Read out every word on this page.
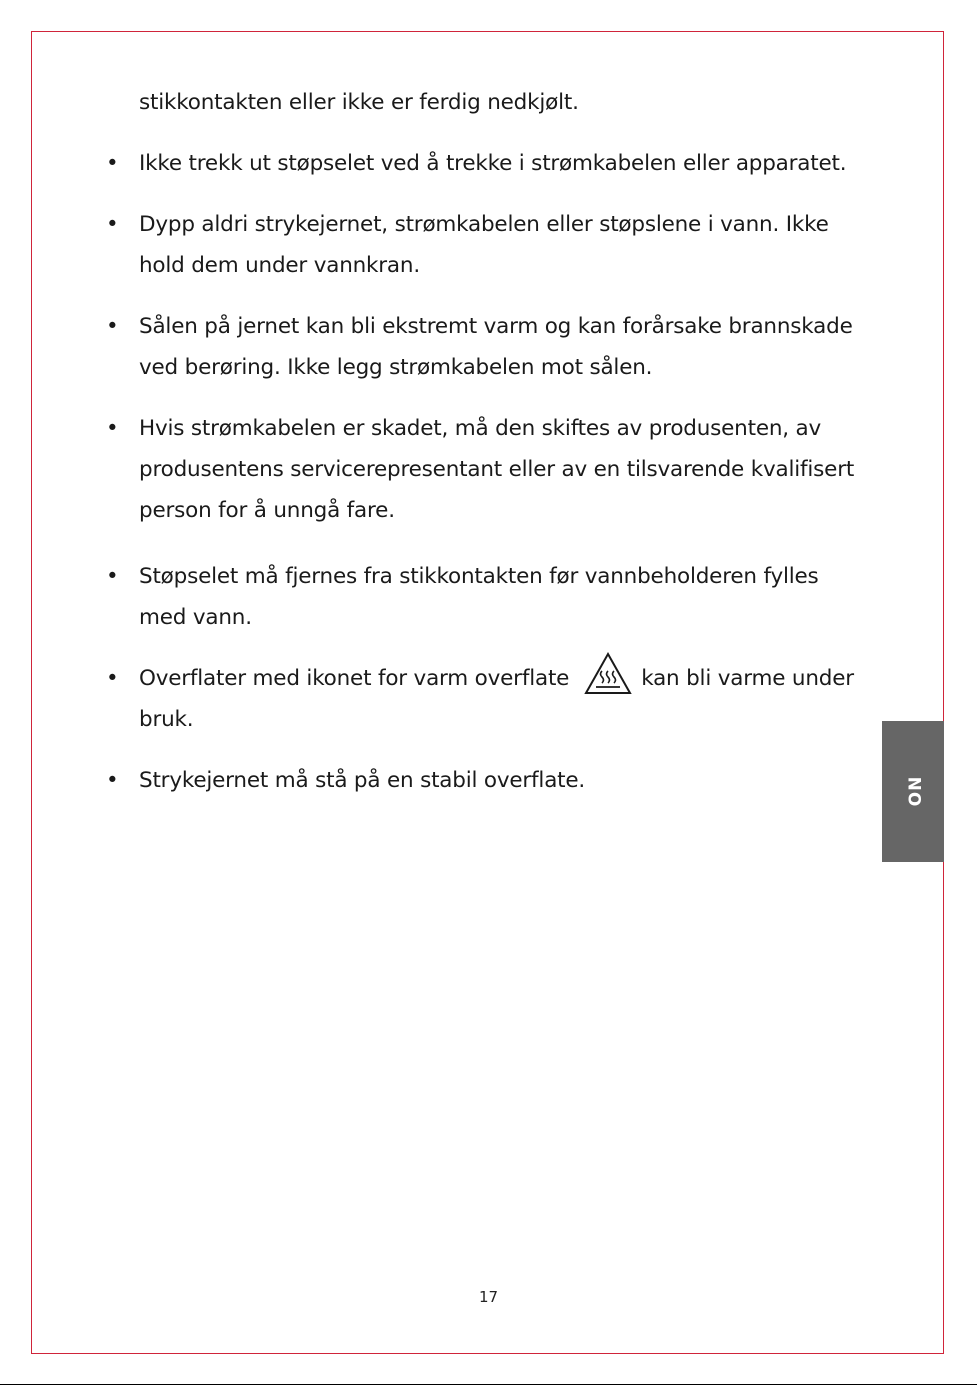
stikkontakten eller ikke er ferdig nedkjølt.
• Ikke trekk ut støpselet ved å trekke i strømkabelen eller apparatet.
• Dypp aldri strykejernet, strømkabelen eller støpslene i vann. Ikke
hold dem under vannkran.
• Sålen på jernet kan bli ekstremt varm og kan forårsake brannskade
ved berøring. Ikke legg strømkabelen mot sålen.
• Hvis strømkabelen er skadet, må den skiftes av produsenten, av
produsentens servicerepresentant eller av en tilsvarende kvalifisert
person for å unngå fare.
• Støpselet må fjernes fra stikkontakten før vannbeholderen fylles
med vann.
• Overflater med ikonet for varm overflate	kan bli varme under
bruk.
• Strykejernet må stå på en stabil overflate.	NO
17
